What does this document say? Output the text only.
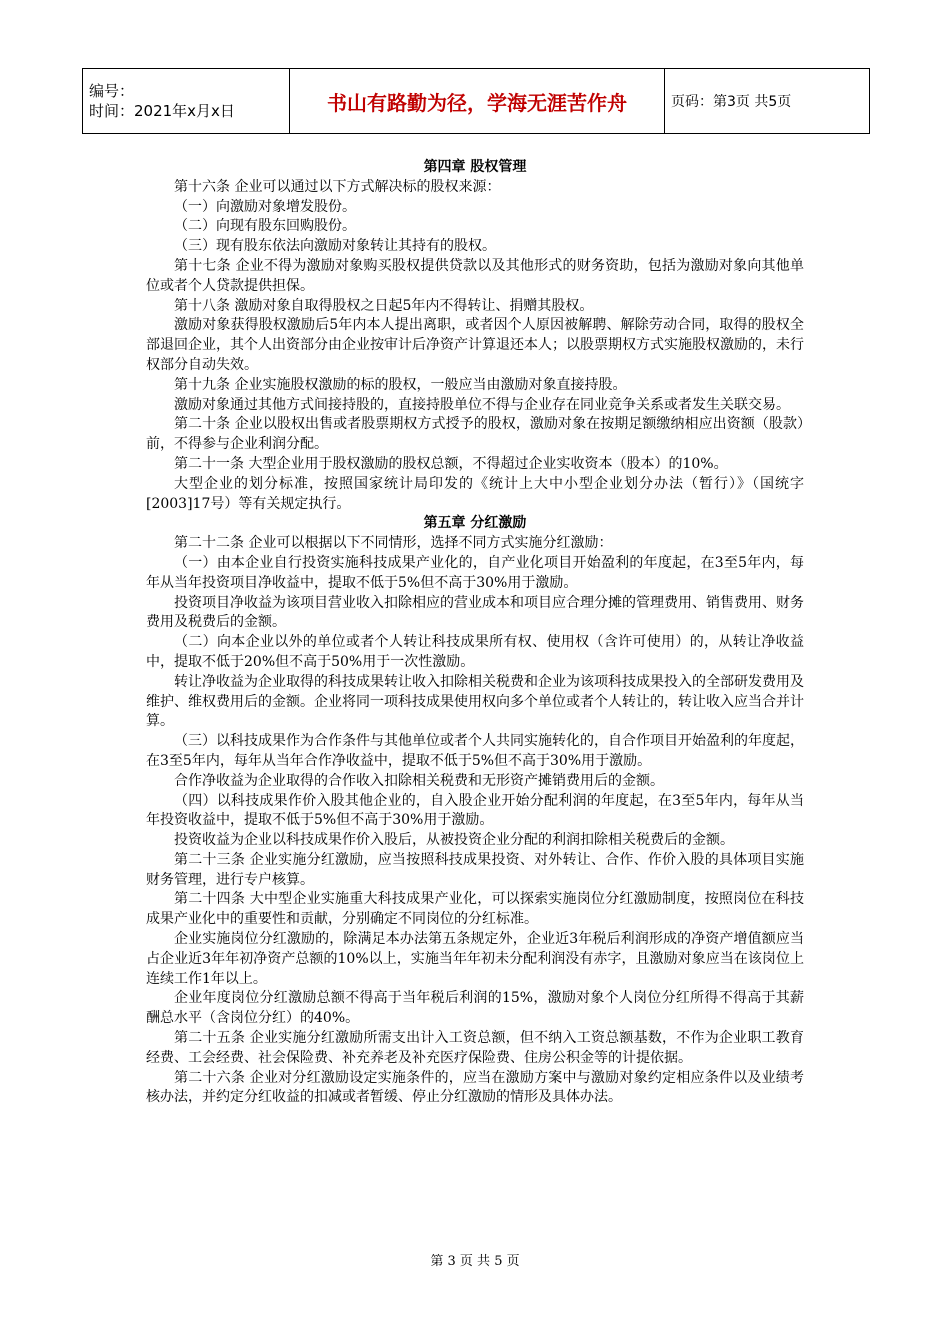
编号：
时间：2021年x月x日	书山有路勤为径，学海无涯苦作舟	页码：第3页 共5页
第四章 股权管理

第十六条 企业可以通过以下方式解决标的股权来源：

（一）向激励对象增发股份。

（二）向现有股东回购股份。

（三）现有股东依法向激励对象转让其持有的股权。

第十七条 企业不得为激励对象购买股权提供贷款以及其他形式的财务资助，包括为激励对象向其他单位或者个人贷款提供担保。

第十八条 激励对象自取得股权之日起5年内不得转让、捐赠其股权。

激励对象获得股权激励后5年内本人提出离职，或者因个人原因被解聘、解除劳动合同，取得的股权全部退回企业，其个人出资部分由企业按审计后净资产计算退还本人；以股票期权方式实施股权激励的，未行权部分自动失效。

第十九条 企业实施股权激励的标的股权，一般应当由激励对象直接持股。

激励对象通过其他方式间接持股的，直接持股单位不得与企业存在同业竞争关系或者发生关联交易。

第二十条 企业以股权出售或者股票期权方式授予的股权，激励对象在按期足额缴纳相应出资额（股款）前，不得参与企业利润分配。

第二十一条 大型企业用于股权激励的股权总额，不得超过企业实收资本（股本）的10%。

大型企业的划分标准，按照国家统计局印发的《统计上大中小型企业划分办法（暂行）》（国统字[2003]17号）等有关规定执行。

第五章 分红激励

第二十二条 企业可以根据以下不同情形，选择不同方式实施分红激励：

（一）由本企业自行投资实施科技成果产业化的，自产业化项目开始盈利的年度起，在3至5年内，每年从当年投资项目净收益中，提取不低于5%但不高于30%用于激励。

投资项目净收益为该项目营业收入扣除相应的营业成本和项目应合理分摊的管理费用、销售费用、财务费用及税费后的金额。

（二）向本企业以外的单位或者个人转让科技成果所有权、使用权（含许可使用）的，从转让净收益中，提取不低于20%但不高于50%用于一次性激励。

转让净收益为企业取得的科技成果转让收入扣除相关税费和企业为该项科技成果投入的全部研发费用及维护、维权费用后的金额。企业将同一项科技成果使用权向多个单位或者个人转让的，转让收入应当合并计算。

（三）以科技成果作为合作条件与其他单位或者个人共同实施转化的，自合作项目开始盈利的年度起，在3至5年内，每年从当年合作净收益中，提取不低于5%但不高于30%用于激励。

合作净收益为企业取得的合作收入扣除相关税费和无形资产摊销费用后的金额。

（四）以科技成果作价入股其他企业的，自入股企业开始分配利润的年度起，在3至5年内，每年从当年投资收益中，提取不低于5%但不高于30%用于激励。

投资收益为企业以科技成果作价入股后，从被投资企业分配的利润扣除相关税费后的金额。

第二十三条 企业实施分红激励，应当按照科技成果投资、对外转让、合作、作价入股的具体项目实施财务管理，进行专户核算。

第二十四条 大中型企业实施重大科技成果产业化，可以探索实施岗位分红激励制度，按照岗位在科技成果产业化中的重要性和贡献，分别确定不同岗位的分红标准。

企业实施岗位分红激励的，除满足本办法第五条规定外，企业近3年税后利润形成的净资产增值额应当占企业近3年年初净资产总额的10%以上，实施当年年初未分配利润没有赤字，且激励对象应当在该岗位上连续工作1年以上。

企业年度岗位分红激励总额不得高于当年税后利润的15%，激励对象个人岗位分红所得不得高于其薪酬总水平（含岗位分红）的40%。

第二十五条 企业实施分红激励所需支出计入工资总额，但不纳入工资总额基数，不作为企业职工教育经费、工会经费、社会保险费、补充养老及补充医疗保险费、住房公积金等的计提依据。

第二十六条 企业对分红激励设定实施条件的，应当在激励方案中与激励对象约定相应条件以及业绩考核办法，并约定分红收益的扣减或者暂缓、停止分红激励的情形及具体办法。

第 3 页 共 5 页
